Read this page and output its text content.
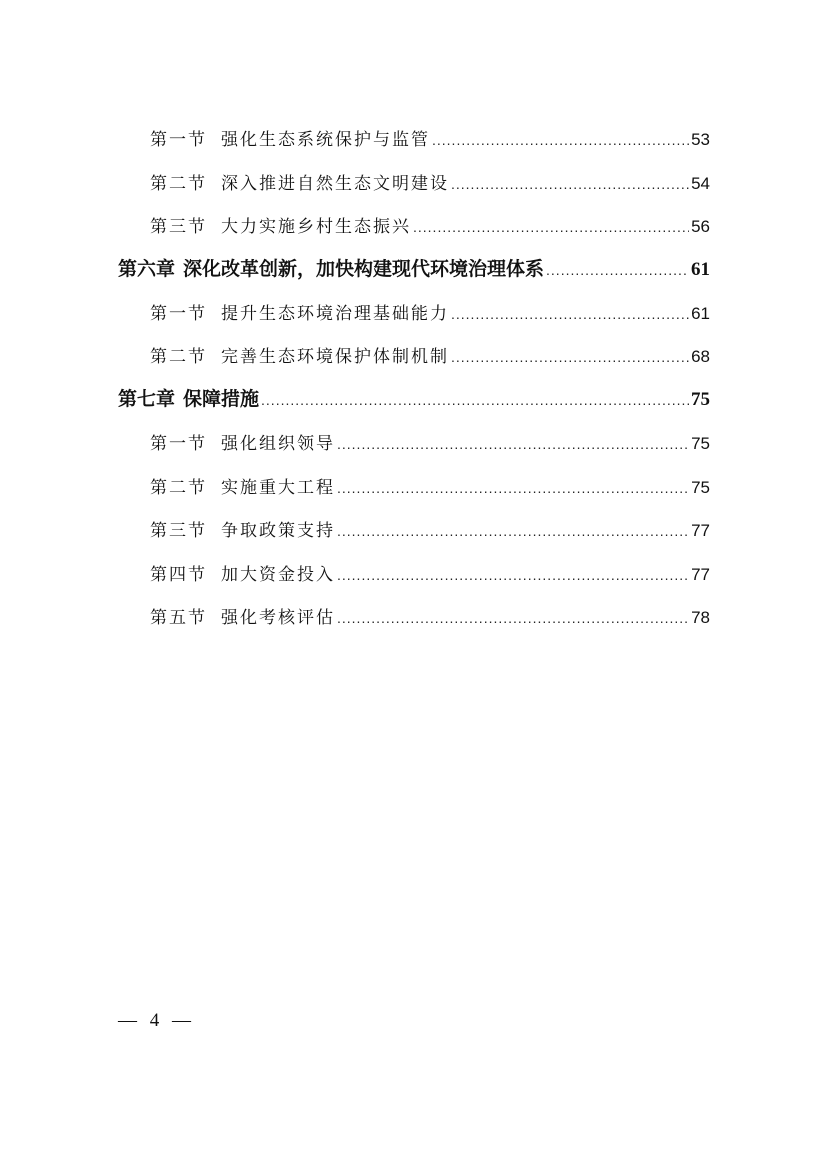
第一节 强化生态系统保护与监管 .....	53
第二节 深入推进自然生态文明建设 .....	54
第三节 大力实施乡村生态振兴 .....	56
第六章 深化改革创新，加快构建现代环境治理体系 .....	61
第一节 提升生态环境治理基础能力 .....	61
第二节 完善生态环境保护体制机制 .....	68
第七章 保障措施 .....	75
第一节 强化组织领导 .....	75
第二节 实施重大工程 .....	75
第三节 争取政策支持 .....	77
第四节 加大资金投入 .....	77
第五节 强化考核评估 .....	78
— 4 —
